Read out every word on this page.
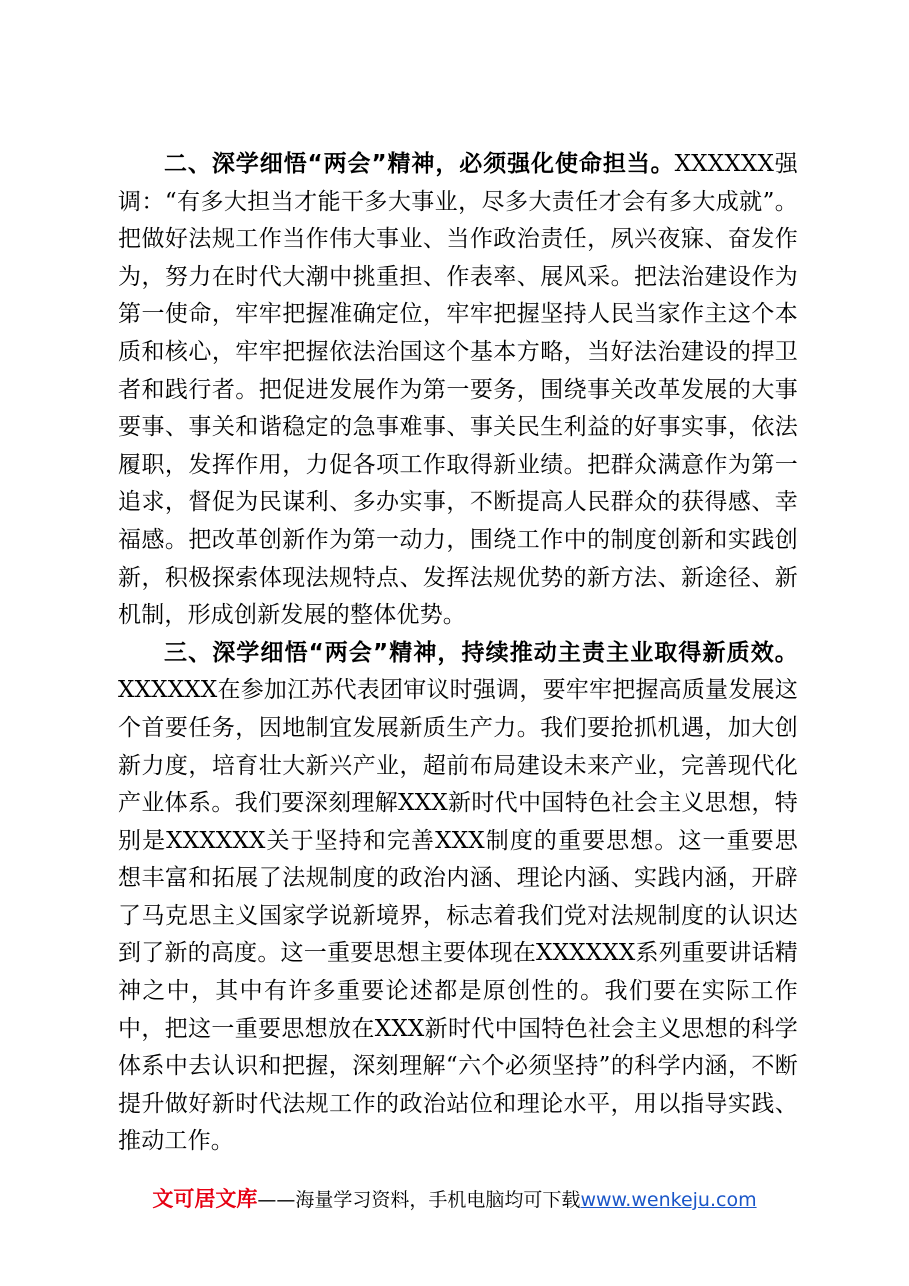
二、深学细悟“两会”精神，必须强化使命担当。XXXXXX强调：“有多大担当才能干多大事业，尽多大责任才会有多大成就”。把做好法规工作当作伟大事业、当作政治责任，夙兴夜寐、奋发作为，努力在时代大潮中挑重担、作表率、展风采。把法治建设作为第一使命，牢牢把握准确定位，牢牢把握坚持人民当家作主这个本质和核心，牢牢把握依法治国这个基本方略，当好法治建设的捍卫者和践行者。把促进发展作为第一要务，围绕事关改革发展的大事要事、事关和谐稳定的急事难事、事关民生利益的好事实事，依法履职，发挥作用，力促各项工作取得新业绩。把群众满意作为第一追求，督促为民谋利、多办实事，不断提高人民群众的获得感、幸福感。把改革创新作为第一动力，围绕工作中的制度创新和实践创新，积极探索体现法规特点、发挥法规优势的新方法、新途径、新机制，形成创新发展的整体优势。

三、深学细悟“两会”精神，持续推动主责主业取得新质效。XXXXXX在参加江苏代表团审议时强调，要牢牢把握高质量发展这个首要任务，因地制宜发展新质生产力。我们要抢抓机遇，加大创新力度，培育壮大新兴产业，超前布局建设未来产业，完善现代化产业体系。我们要深刻理解XXX新时代中国特色社会主义思想，特别是XXXXXX关于坚持和完善XXX制度的重要思想。这一重要思想丰富和拓展了法规制度的政治内涵、理论内涵、实践内涵，开辟了马克思主义国家学说新境界，标志着我们党对法规制度的认识达到了新的高度。这一重要思想主要体现在XXXXXX系列重要讲话精神之中，其中有许多重要论述都是原创性的。我们要在实际工作中，把这一重要思想放在XXX新时代中国特色社会主义思想的科学体系中去认识和把握，深刻理解“六个必须坚持”的科学内涵，不断提升做好新时代法规工作的政治站位和理论水平，用以指导实践、推动工作。

文可居文库——海量学习资料，手机电脑均可下载www.wenkeju.com
